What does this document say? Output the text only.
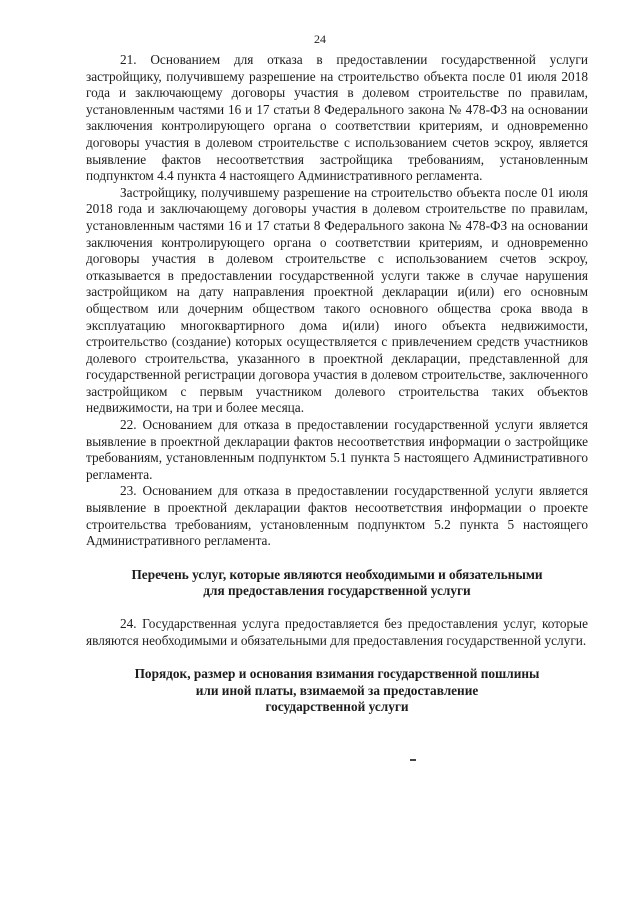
24

21. Основанием для отказа в предоставлении государственной услуги застройщику, получившему разрешение на строительство объекта после 01 июля 2018 года и заключающему договоры участия в долевом строительстве по правилам, установленным частями 16 и 17 статьи 8 Федерального закона № 478-ФЗ на основании заключения контролирующего органа о соответствии критериям, и одновременно договоры участия в долевом строительстве с использованием счетов эскроу, является выявление фактов несоответствия застройщика требованиям, установленным подпунктом 4.4 пункта 4 настоящего Административного регламента.

Застройщику, получившему разрешение на строительство объекта после 01 июля 2018 года и заключающему договоры участия в долевом строительстве по правилам, установленным частями 16 и 17 статьи 8 Федерального закона № 478-ФЗ на основании заключения контролирующего органа о соответствии критериям, и одновременно договоры участия в долевом строительстве с использованием счетов эскроу, отказывается в предоставлении государственной услуги также в случае нарушения застройщиком на дату направления проектной декларации и(или) его основным обществом или дочерним обществом такого основного общества срока ввода в эксплуатацию многоквартирного дома и(или) иного объекта недвижимости, строительство (создание) которых осуществляется с привлечением средств участников долевого строительства, указанного в проектной декларации, представленной для государственной регистрации договора участия в долевом строительстве, заключенного застройщиком с первым участником долевого строительства таких объектов недвижимости, на три и более месяца.

22. Основанием для отказа в предоставлении государственной услуги является выявление в проектной декларации фактов несоответствия информации о застройщике требованиям, установленным подпунктом 5.1 пункта 5 настоящего Административного регламента.

23. Основанием для отказа в предоставлении государственной услуги является выявление в проектной декларации фактов несоответствия информации о проекте строительства требованиям, установленным подпунктом 5.2 пункта 5 настоящего Административного регламента.

Перечень услуг, которые являются необходимыми и обязательными
для предоставления государственной услуги

24. Государственная услуга предоставляется без предоставления услуг, которые являются необходимыми и обязательными для предоставления государственной услуги.

Порядок, размер и основания взимания государственной пошлины
или иной платы, взимаемой за предоставление
государственной услуги
